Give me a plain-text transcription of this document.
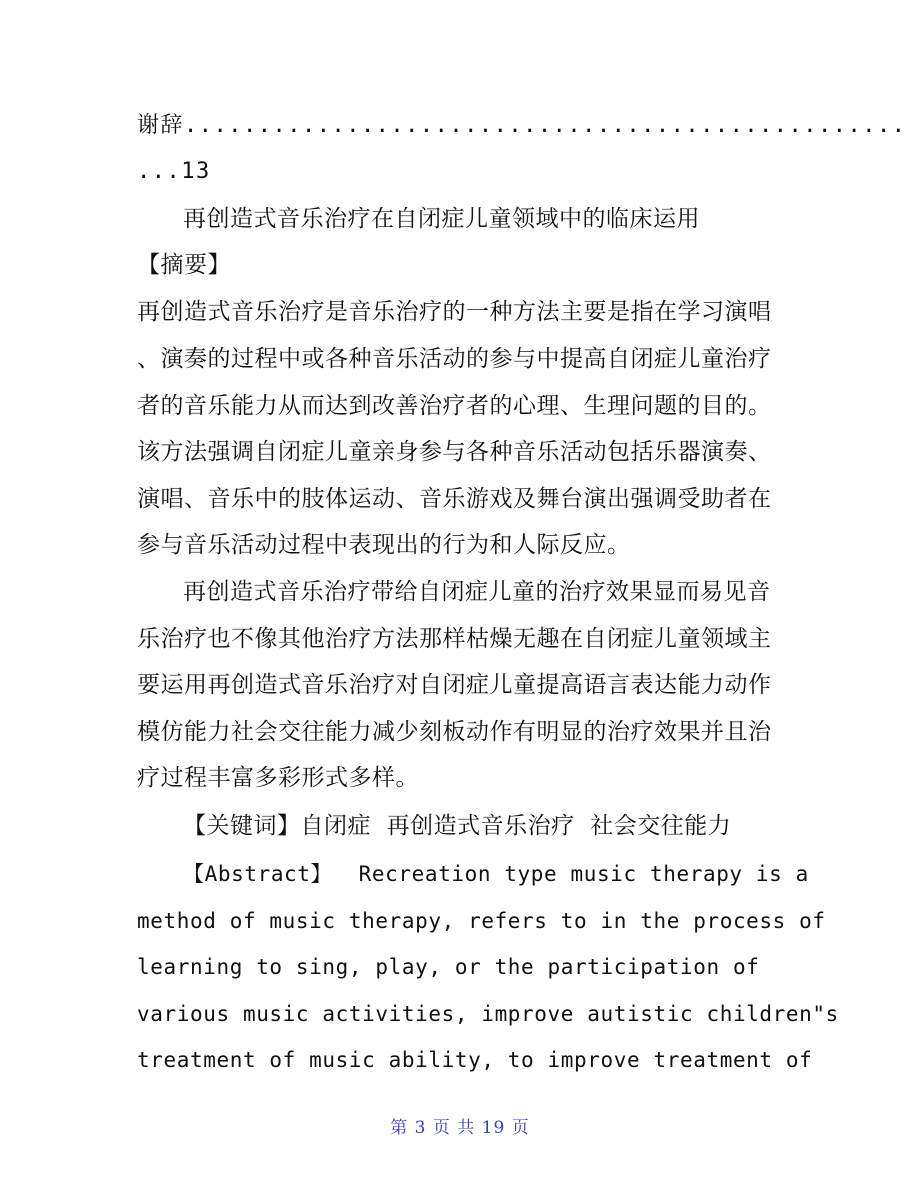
谢辞.................................................
...13
再创造式音乐治疗在自闭症儿童领域中的临床运用
【摘要】
再创造式音乐治疗是音乐治疗的一种方法主要是指在学习演唱
、演奏的过程中或各种音乐活动的参与中提高自闭症儿童治疗
者的音乐能力从而达到改善治疗者的心理、生理问题的目的。
该方法强调自闭症儿童亲身参与各种音乐活动包括乐器演奏、
演唱、音乐中的肢体运动、音乐游戏及舞台演出强调受助者在
参与音乐活动过程中表现出的行为和人际反应。
再创造式音乐治疗带给自闭症儿童的治疗效果显而易见音
乐治疗也不像其他治疗方法那样枯燥无趣在自闭症儿童领域主
要运用再创造式音乐治疗对自闭症儿童提高语言表达能力动作
模仿能力社会交往能力减少刻板动作有明显的治疗效果并且治
疗过程丰富多彩形式多样。
【关键词】自闭症  再创造式音乐治疗  社会交往能力
【Abstract】  Recreation type music therapy is a
method of music therapy, refers to in the process of
learning to sing, play, or the participation of
various music activities, improve autistic children"s
treatment of music ability, to improve treatment of
第 3 页 共 19 页
